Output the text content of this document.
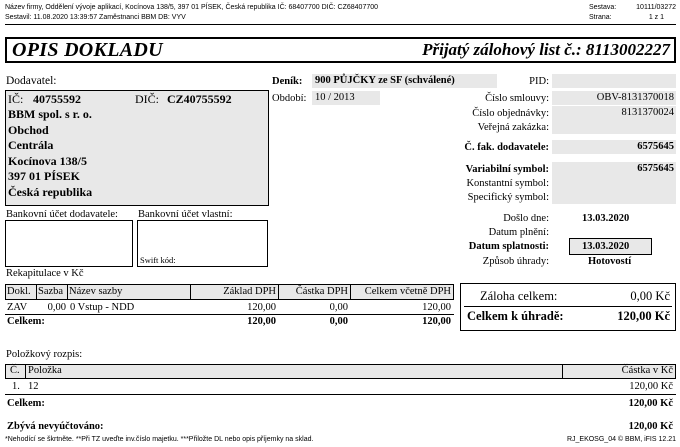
Název firmy, Oddělení vývoje aplikací, Kocínova 138/5, 397 01 PÍSEK, Česká republika IČ: 68407700 DIČ: CZ68407700
Sestavil: 11.08.2020 13:39:57 Zaměstnanci BBM DB: VYV
Sestava:	10111/03272
Strana:	1 z 1
OPIS DOKLADU	Přijatý zálohový list č.: 8113002227
Dodavatel:
IČ: 40755592	DIČ: CZ40755592
BBM spol. s r. o.
Obchod
Centrála
Kocínova 138/5
397 01 PÍSEK
Česká republika
Deník: 900 PŮJČKY ze SF (schválené)
Období: 10 / 2013
PID:
Číslo smlouvy:	OBV-8131370018
Číslo objednávky:	8131370024
Veřejná zakázka:
Č. fak. dodavatele:	6575645
Variabilní symbol:	6575645
Konstantní symbol:
Specifický symbol:
Bankovní účet dodavatele: Bankovní účet vlastní:
Swift kód:
Došlo dne:	13.03.2020
Datum plnění:
Datum splatnosti:	13.03.2020
Způsob úhrady:	Hotovostí
Rekapitulace v Kč
Dokl. Sazba Název sazby	Základ DPH	Částka DPH	Celkem včetně DPH
ZAV	0,00 0 Vstup - NDD	120,00	0,00	120,00
Celkem:	120,00	0,00	120,00
Záloha celkem:	0,00 Kč
Celkem k úhradě:	120,00 Kč
Položkový rozpis:
Č. Položka	Částka v Kč
1. 12	120,00 Kč
Celkem:	120,00 Kč
Zbývá nevyúčtováno:	120,00 Kč
*Nehodící se škrtněte. **Při TZ uveďte inv.číslo majetku. ***Přiložte DL nebo opis příjemky na sklad.	RJ_EKOSG_04 © BBM, iFIS 12.21
